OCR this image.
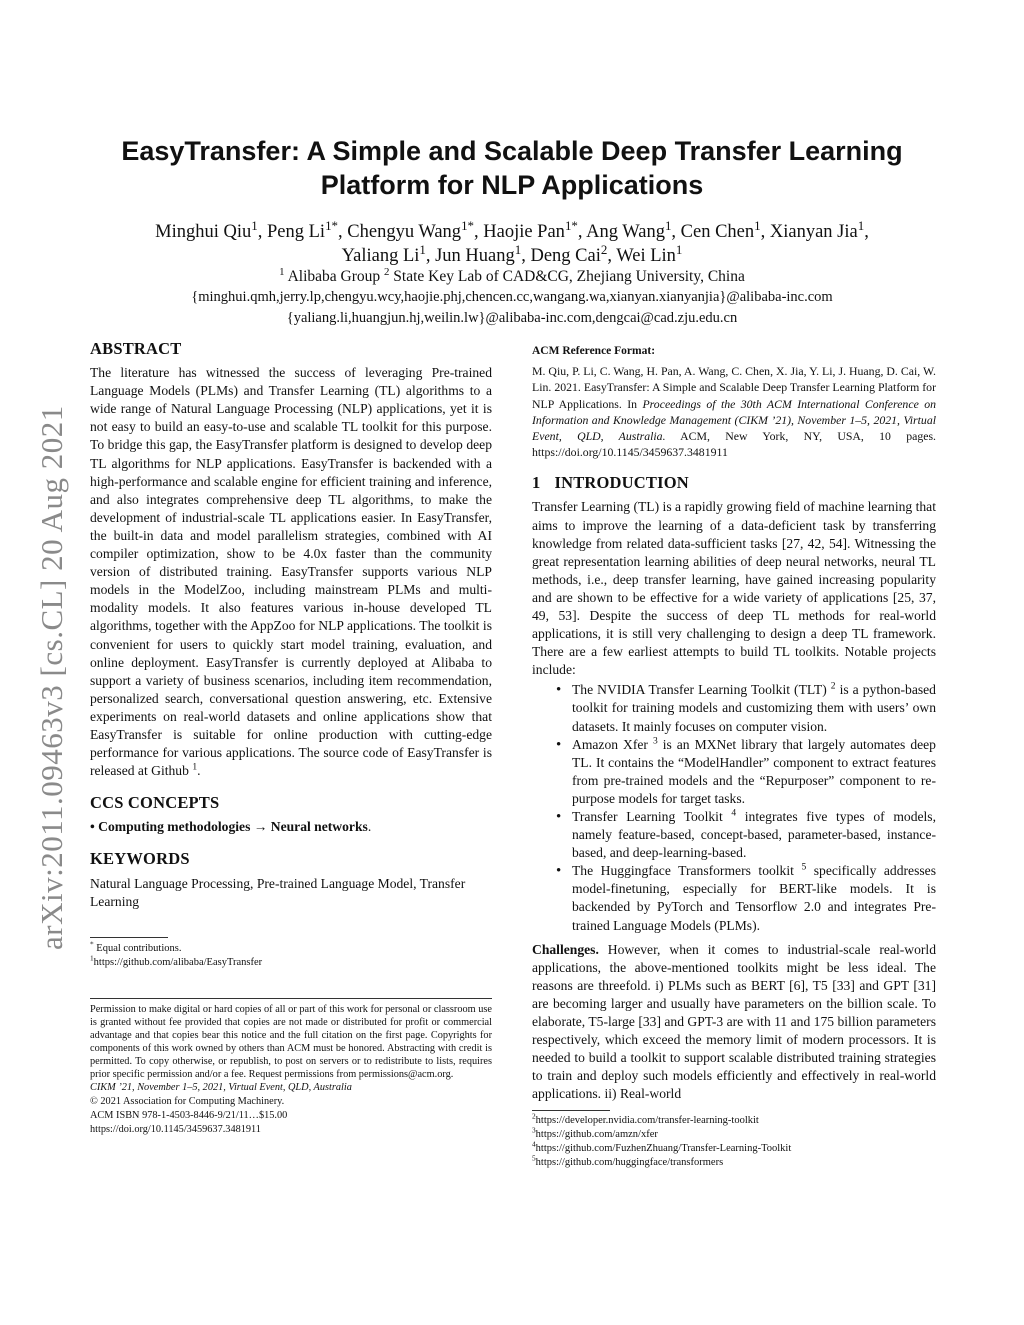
arXiv:2011.09463v3 [cs.CL] 20 Aug 2021
EasyTransfer: A Simple and Scalable Deep Transfer Learning
Platform for NLP Applications
Minghui Qiu$^1$, Peng $Li^{1*}$, Chengyu Wang$^{1*}$, Haojie Pan$^{1*}$, Ang Wang$^1$, Cen Chen$^1$, Xianyan Jia$^1$,
Yaliang Li$^1$, Jun Huang$^1$, Deng Cai$^2$, Wei Lin$^1$
$^1$ Alibaba Group $^2$ State Key Lab of CAD&CG, Zhejiang University, China
{minghui.qmh,jerry.lp,chengyu.wcy,haojie.phj,chencen.cc,wangang.wa,xianyan.xianyanjia}@alibaba-inc.com
{yaliang.li,huangjun.hj,weilin.lw}@alibaba-inc.com,dengcai@cad.zju.edu.cn
ABSTRACT

The literature has witnessed the success of leveraging Pre-trained Language Models (PLMs) and Transfer Learning (TL) algorithms to a wide range of Natural Language Processing (NLP) applications, yet it is not easy to build an easy-to-use and scalable TL toolkit for this purpose. To bridge this gap, the EasyTransfer platform is designed to develop deep TL algorithms for NLP applications. EasyTransfer is backended with a high-performance and scalable engine for efficient training and inference, and also integrates comprehensive deep TL algorithms, to make the development of industrial-scale TL applications easier. In EasyTransfer, the built-in data and model parallelism strategies, combined with AI compiler optimization, show to be 4.0x faster than the community version of distributed training. EasyTransfer supports various NLP models in the ModelZoo, including mainstream PLMs and multi-modality models. It also features various in-house developed TL algorithms, together with the AppZoo for NLP applications. The toolkit is convenient for users to quickly start model training, evaluation, and online deployment. EasyTransfer is currently deployed at Alibaba to support a variety of business scenarios, including item recommendation, personalized search, conversational question answering, etc. Extensive experiments on real-world datasets and online applications show that EasyTransfer is suitable for online production with cutting-edge performance for various applications. The source code of EasyTransfer is released at Github $^1$.

CCS CONCEPTS

• Computing methodologies → Neural networks.

KEYWORDS

Natural Language Processing, Pre-trained Language Model, Transfer Learning

* Equal contributions.
$^1$https://github.com/alibaba/EasyTransfer
Permission to make digital or hard copies of all or part of this work for personal or classroom use is granted without fee provided that copies are not made or distributed for profit or commercial advantage and that copies bear this notice and the full citation on the first page. Copyrights for components of this work owned by others than ACM must be honored. Abstracting with credit is permitted. To copy otherwise, or republish, to post on servers or to redistribute to lists, requires prior specific permission and/or a fee. Request permissions from permissions@acm.org.
CIKM ’21, November 1–5, 2021, Virtual Event, QLD, Australia
© 2021 Association for Computing Machinery.
ACM ISBN 978-1-4503-8446-9/21/11…$15.00
https://doi.org/10.1145/3459637.3481911
ACM Reference Format:

M. Qiu, P. Li, C. Wang, H. Pan, A. Wang, C. Chen, X. Jia, Y. Li, J. Huang, D. Cai, W. Lin. 2021. EasyTransfer: A Simple and Scalable Deep Transfer Learning Platform for NLP Applications. In Proceedings of the 30th ACM International Conference on Information and Knowledge Management (CIKM ’21), November 1–5, 2021, Virtual Event, QLD, Australia. ACM, New York, NY, USA, 10 pages. https://doi.org/10.1145/3459637.3481911

1 INTRODUCTION

Transfer Learning (TL) is a rapidly growing field of machine learning that aims to improve the learning of a data-deficient task by transferring knowledge from related data-sufficient tasks [27, 42, 54]. Witnessing the great representation learning abilities of deep neural networks, neural TL methods, i.e., deep transfer learning, have gained increasing popularity and are shown to be effective for a wide variety of applications [25, 37, 49, 53]. Despite the success of deep TL methods for real-world applications, it is still very challenging to design a deep TL framework. There are a few earliest attempts to build TL toolkits. Notable projects include:

• The NVIDIA Transfer Learning Toolkit (TLT) $^2$ is a python-based toolkit for training models and customizing them with users’ own datasets. It mainly focuses on computer vision.
• Amazon Xfer $^3$ is an MXNet library that largely automates deep TL. It contains the “ModelHandler” component to extract features from pre-trained models and the “Repurposer” component to re-purpose models for target tasks.
• Transfer Learning Toolkit $^4$ integrates five types of models, namely feature-based, concept-based, parameter-based, instance-based, and deep-learning-based.
• The Huggingface Transformers toolkit $^5$ specifically addresses model-finetuning, especially for BERT-like models. It is backended by PyTorch and Tensorflow 2.0 and integrates Pre-trained Language Models (PLMs).

Challenges. However, when it comes to industrial-scale real-world applications, the above-mentioned toolkits might be less ideal. The reasons are threefold. i) PLMs such as BERT [6], T5 [33] and GPT [31] are becoming larger and usually have parameters on the billion scale. To elaborate, T5-large [33] and GPT-3 are with 11 and 175 billion parameters respectively, which exceed the memory limit of modern processors. It is needed to build a toolkit to support scalable distributed training strategies to train and deploy such models efficiently and effectively in real-world applications. ii) Real-world

$^2$https://developer.nvidia.com/transfer-learning-toolkit
$^3$https://github.com/amzn/xfer
$^4$https://github.com/FuzhenZhuang/Transfer-Learning-Toolkit
$^5$https://github.com/huggingface/transformers
